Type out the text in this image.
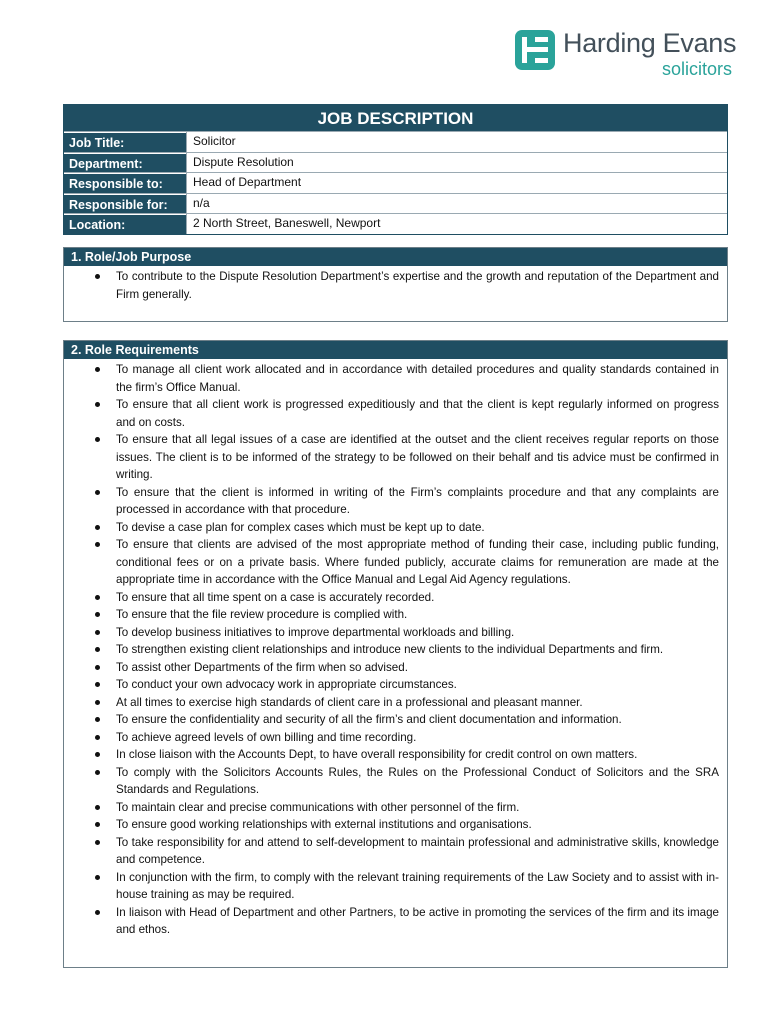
Harding Evans
solicitors
JOB DESCRIPTION
Job Title:	Solicitor
Department:	Dispute Resolution
Responsible to:	Head of Department
Responsible for:	n/a
Location:	2 North Street, Baneswell, Newport
1. Role/Job Purpose
To contribute to the Dispute Resolution Department’s expertise and the growth and reputation of the Department and Firm generally.
2. Role Requirements
To manage all client work allocated and in accordance with detailed procedures and quality standards contained in the firm’s Office Manual.
To ensure that all client work is progressed expeditiously and that the client is kept regularly informed on progress and on costs.
To ensure that all legal issues of a case are identified at the outset and the client receives regular reports on those issues. The client is to be informed of the strategy to be followed on their behalf and tis advice must be confirmed in writing.
To ensure that the client is informed in writing of the Firm’s complaints procedure and that any complaints are processed in accordance with that procedure.
To devise a case plan for complex cases which must be kept up to date.
To ensure that clients are advised of the most appropriate method of funding their case, including public funding, conditional fees or on a private basis. Where funded publicly, accurate claims for remuneration are made at the appropriate time in accordance with the Office Manual and Legal Aid Agency regulations.
To ensure that all time spent on a case is accurately recorded.
To ensure that the file review procedure is complied with.
To develop business initiatives to improve departmental workloads and billing.
To strengthen existing client relationships and introduce new clients to the individual Departments and firm.
To assist other Departments of the firm when so advised.
To conduct your own advocacy work in appropriate circumstances.
At all times to exercise high standards of client care in a professional and pleasant manner.
To ensure the confidentiality and security of all the firm’s and client documentation and information.
To achieve agreed levels of own billing and time recording.
In close liaison with the Accounts Dept, to have overall responsibility for credit control on own matters.
To comply with the Solicitors Accounts Rules, the Rules on the Professional Conduct of Solicitors and the SRA Standards and Regulations.
To maintain clear and precise communications with other personnel of the firm.
To ensure good working relationships with external institutions and organisations.
To take responsibility for and attend to self-development to maintain professional and administrative skills, knowledge and competence.
In conjunction with the firm, to comply with the relevant training requirements of the Law Society and to assist with in-house training as may be required.
In liaison with Head of Department and other Partners, to be active in promoting the services of the firm and its image and ethos.
